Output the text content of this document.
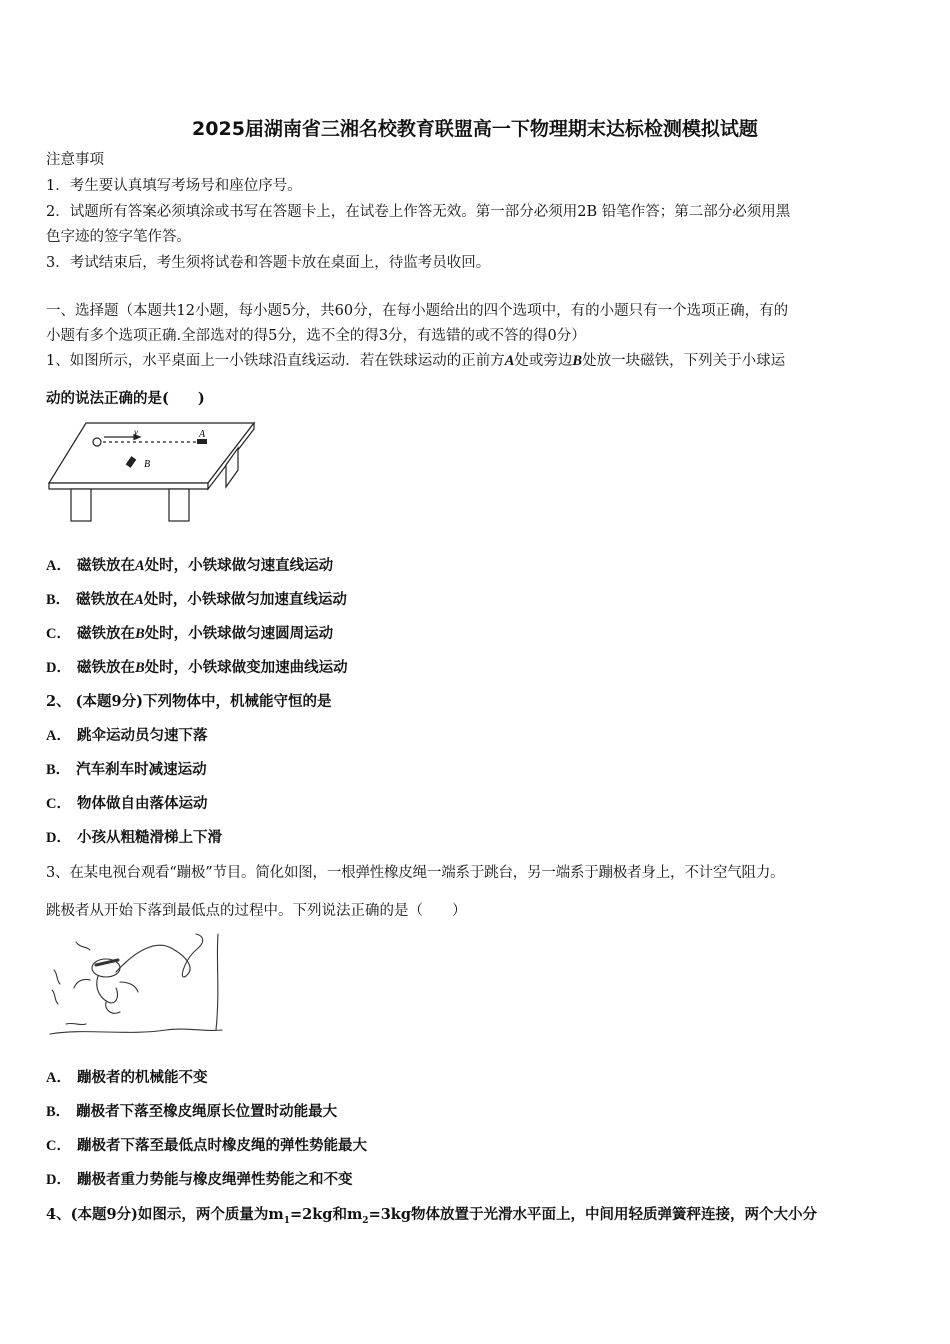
2025届湖南省三湘名校教育联盟高一下物理期末达标检测模拟试题
注意事项
1．考生要认真填写考场号和座位序号。
2．试题所有答案必须填涂或书写在答题卡上，在试卷上作答无效。第一部分必须用2B 铅笔作答；第二部分必须用黑
色字迹的签字笔作答。
3．考试结束后，考生须将试卷和答题卡放在桌面上，待监考员收回。
一、选择题（本题共12小题，每小题5分，共60分，在每小题给出的四个选项中，有的小题只有一个选项正确，有的
小题有多个选项正确.全部选对的得5分，选不全的得3分，有选错的或不答的得0分）
1、如图所示，水平桌面上一小铁球沿直线运动．若在铁球运动的正前方A处或旁边B处放一块磁铁，下列关于小球运
动的说法正确的是(　　)
v	A
B
A． 磁铁放在A处时，小铁球做匀速直线运动
B． 磁铁放在A处时，小铁球做匀加速直线运动
C． 磁铁放在B处时，小铁球做匀速圆周运动
D． 磁铁放在B处时，小铁球做变加速曲线运动
2、 (本题9分)下列物体中，机械能守恒的是
A． 跳伞运动员匀速下落
B． 汽车刹车时减速运动
C． 物体做自由落体运动
D． 小孩从粗糙滑梯上下滑
3、在某电视台观看“蹦极”节目。简化如图，一根弹性橡皮绳一端系于跳台，另一端系于蹦极者身上，不计空气阻力。
跳极者从开始下落到最低点的过程中。下列说法正确的是（　　）
A． 蹦极者的机械能不变
B． 蹦极者下落至橡皮绳原长位置时动能最大
C． 蹦极者下落至最低点时橡皮绳的弹性势能最大
D． 蹦极者重力势能与橡皮绳弹性势能之和不变
4、(本题9分)如图示，两个质量为$m_1=2kg$和$m_2=3kg$物体放置于光滑水平面上，中间用轻质弹簧秤连接，两个大小分
